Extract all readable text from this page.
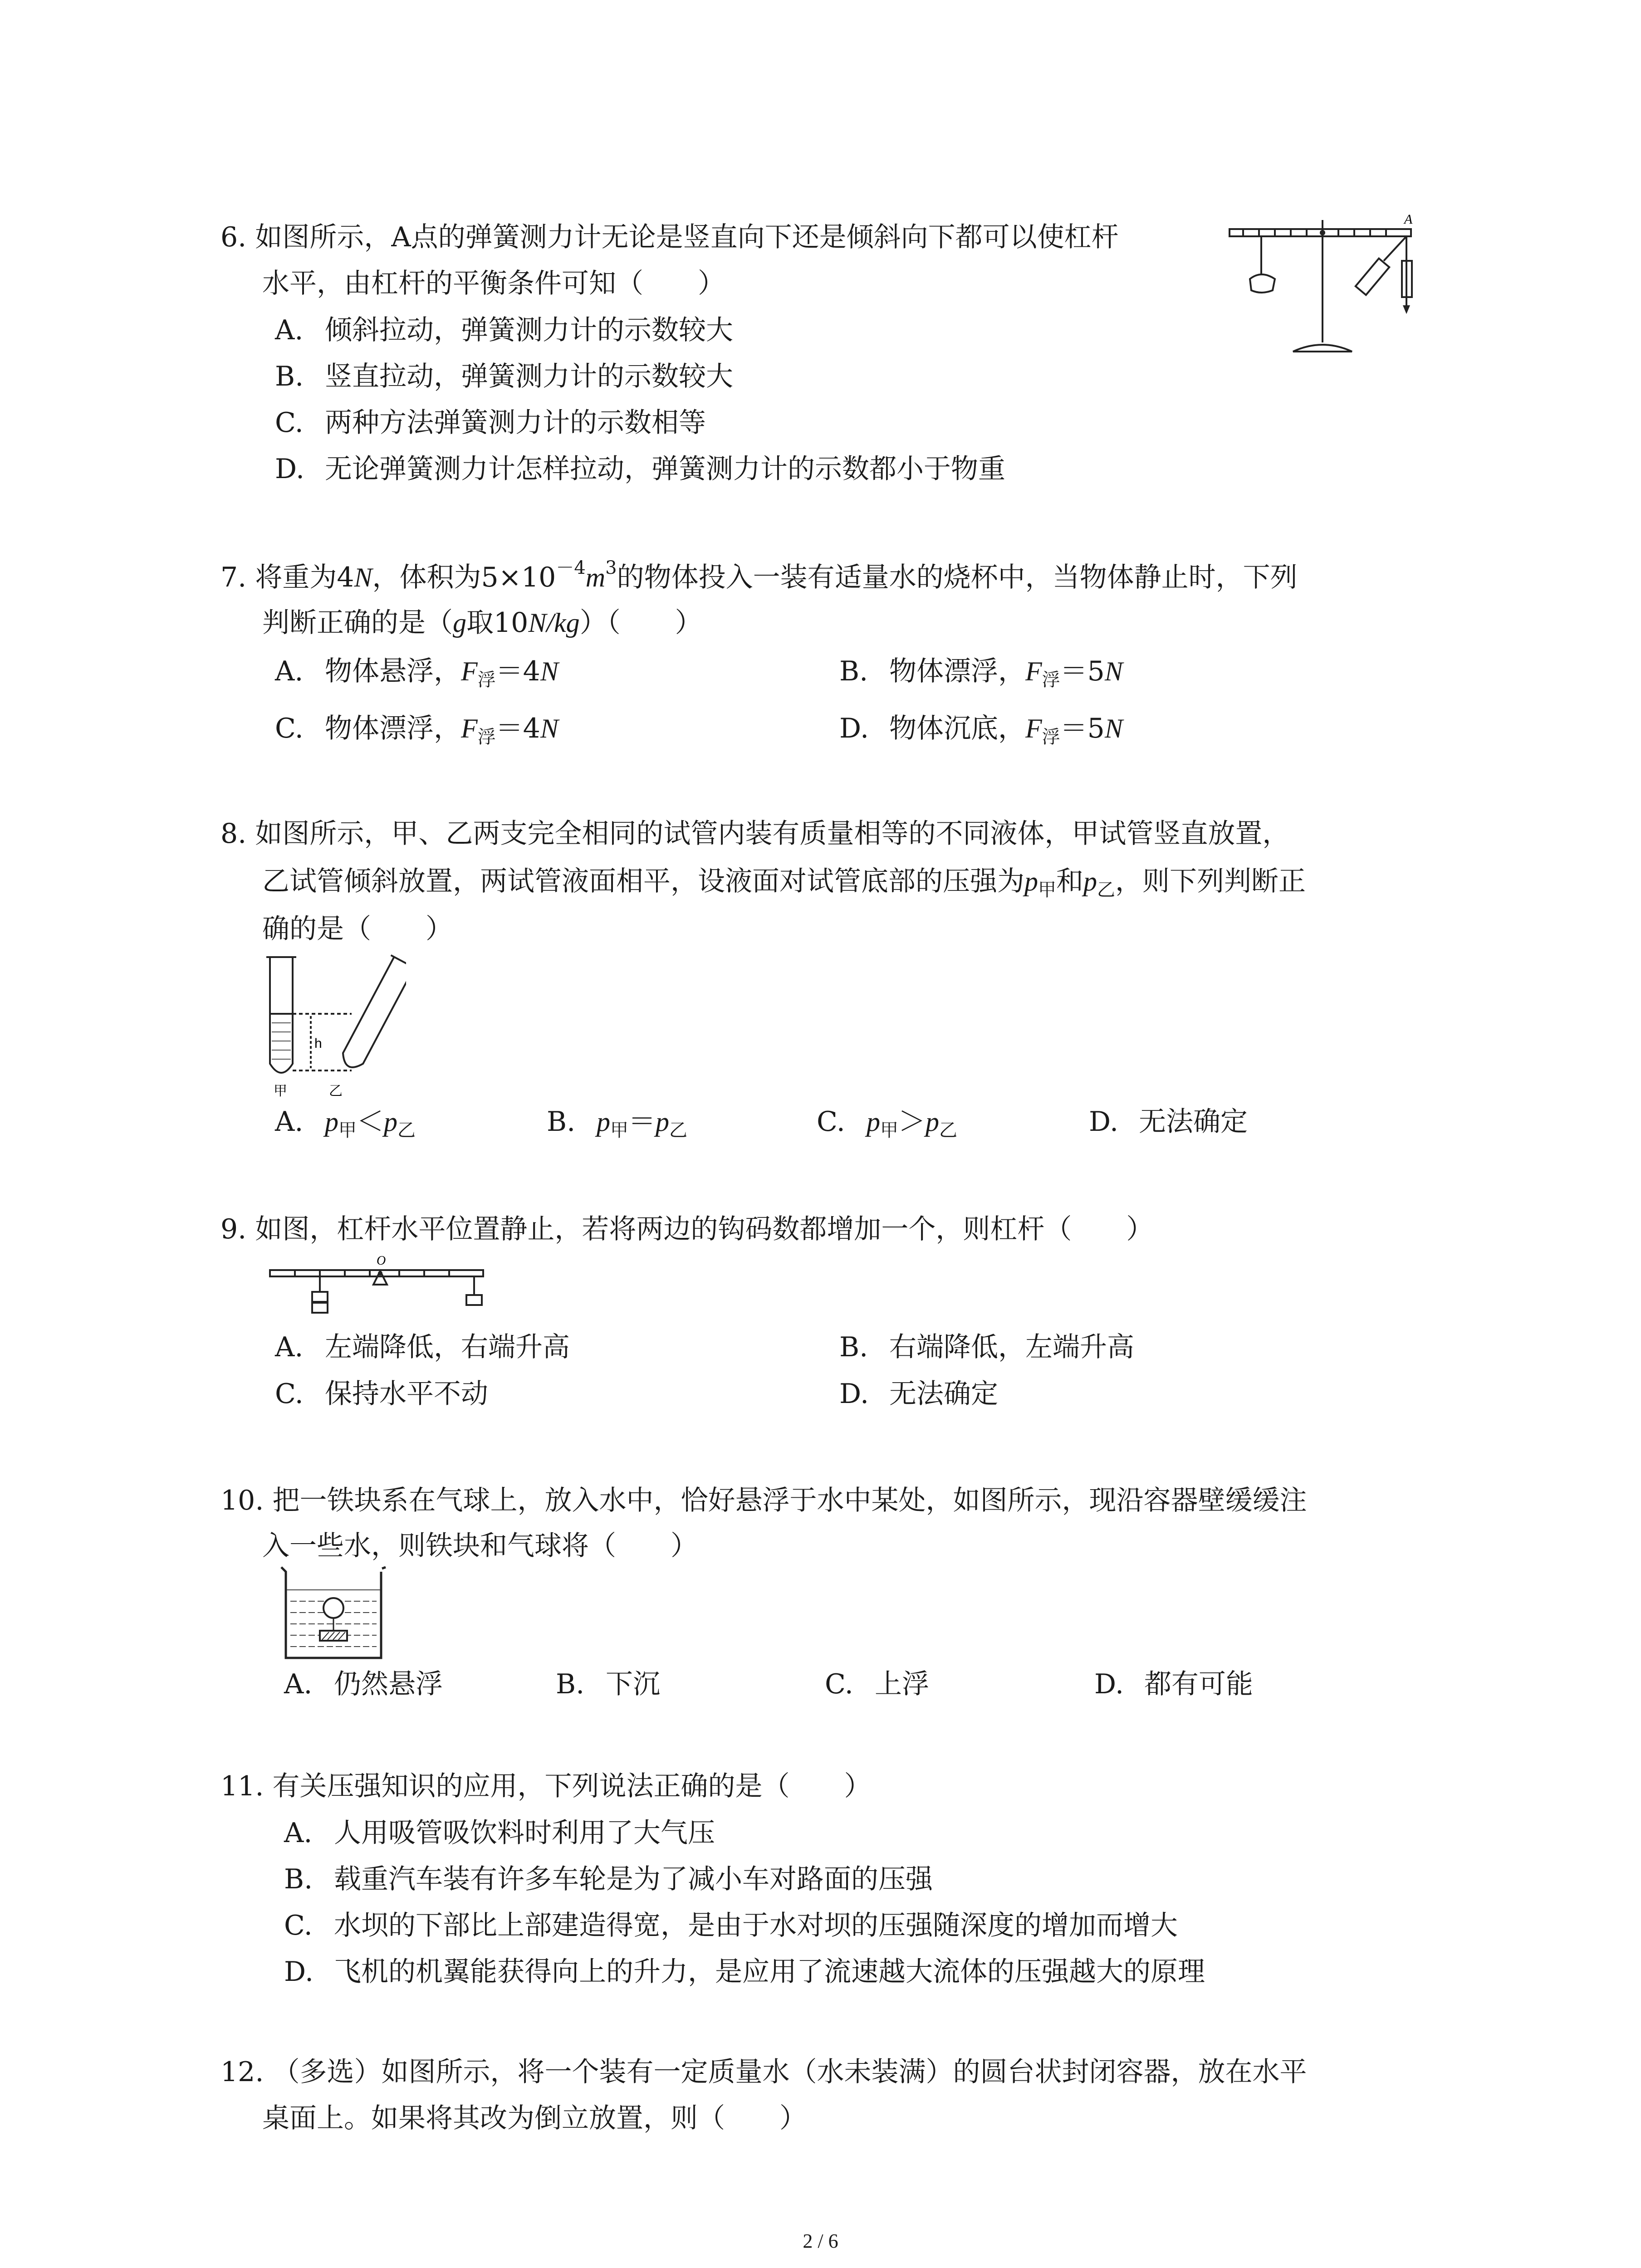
6. 如图所示，A点的弹簧测力计无论是竖直向下还是倾斜向下都可以使杠杆
水平，由杠杆的平衡条件可知（　　）
A. 倾斜拉动，弹簧测力计的示数较大
B. 竖直拉动，弹簧测力计的示数较大
C. 两种方法弹簧测力计的示数相等
D. 无论弹簧测力计怎样拉动，弹簧测力计的示数都小于物重
A
7. 将重为4N，体积为$5\times 10^{-4}m^3$的物体投入一装有适量水的烧杯中，当物体静止时，下列
判断正确的是（g取10N/kg）（　　）
A. 物体悬浮，$F_浮=4N$	B. 物体漂浮，$F_浮=5N$
C. 物体漂浮，$F_浮=4N$	D. 物体沉底，$F_浮=5N$
8. 如图所示，甲、乙两支完全相同的试管内装有质量相等的不同液体，甲试管竖直放置，
乙试管倾斜放置，两试管液面相平，设液面对试管底部的压强为$p_甲$和$p_乙$，则下列判断正
确的是（　　）
h
甲	乙
A. $p_甲<p_乙$	B. $p_甲=p_乙$	C. $p_甲>p_乙$	D. 无法确定
9. 如图，杠杆水平位置静止，若将两边的钩码数都增加一个，则杠杆（　　）
O
A. 左端降低，右端升高	B. 右端降低，左端升高
C. 保持水平不动	D. 无法确定
10. 把一铁块系在气球上，放入水中，恰好悬浮于水中某处，如图所示，现沿容器壁缓缓注
入一些水，则铁块和气球将（　　）
A. 仍然悬浮	B. 下沉	C. 上浮	D. 都有可能
11. 有关压强知识的应用，下列说法正确的是（　　）
A. 人用吸管吸饮料时利用了大气压
B. 载重汽车装有许多车轮是为了减小车对路面的压强
C. 水坝的下部比上部建造得宽，是由于水对坝的压强随深度的增加而增大
D. 飞机的机翼能获得向上的升力，是应用了流速越大流体的压强越大的原理
12. （多选）如图所示，将一个装有一定质量水（水未装满）的圆台状封闭容器，放在水平
桌面上。如果将其改为倒立放置，则（　　）
2 / 6
